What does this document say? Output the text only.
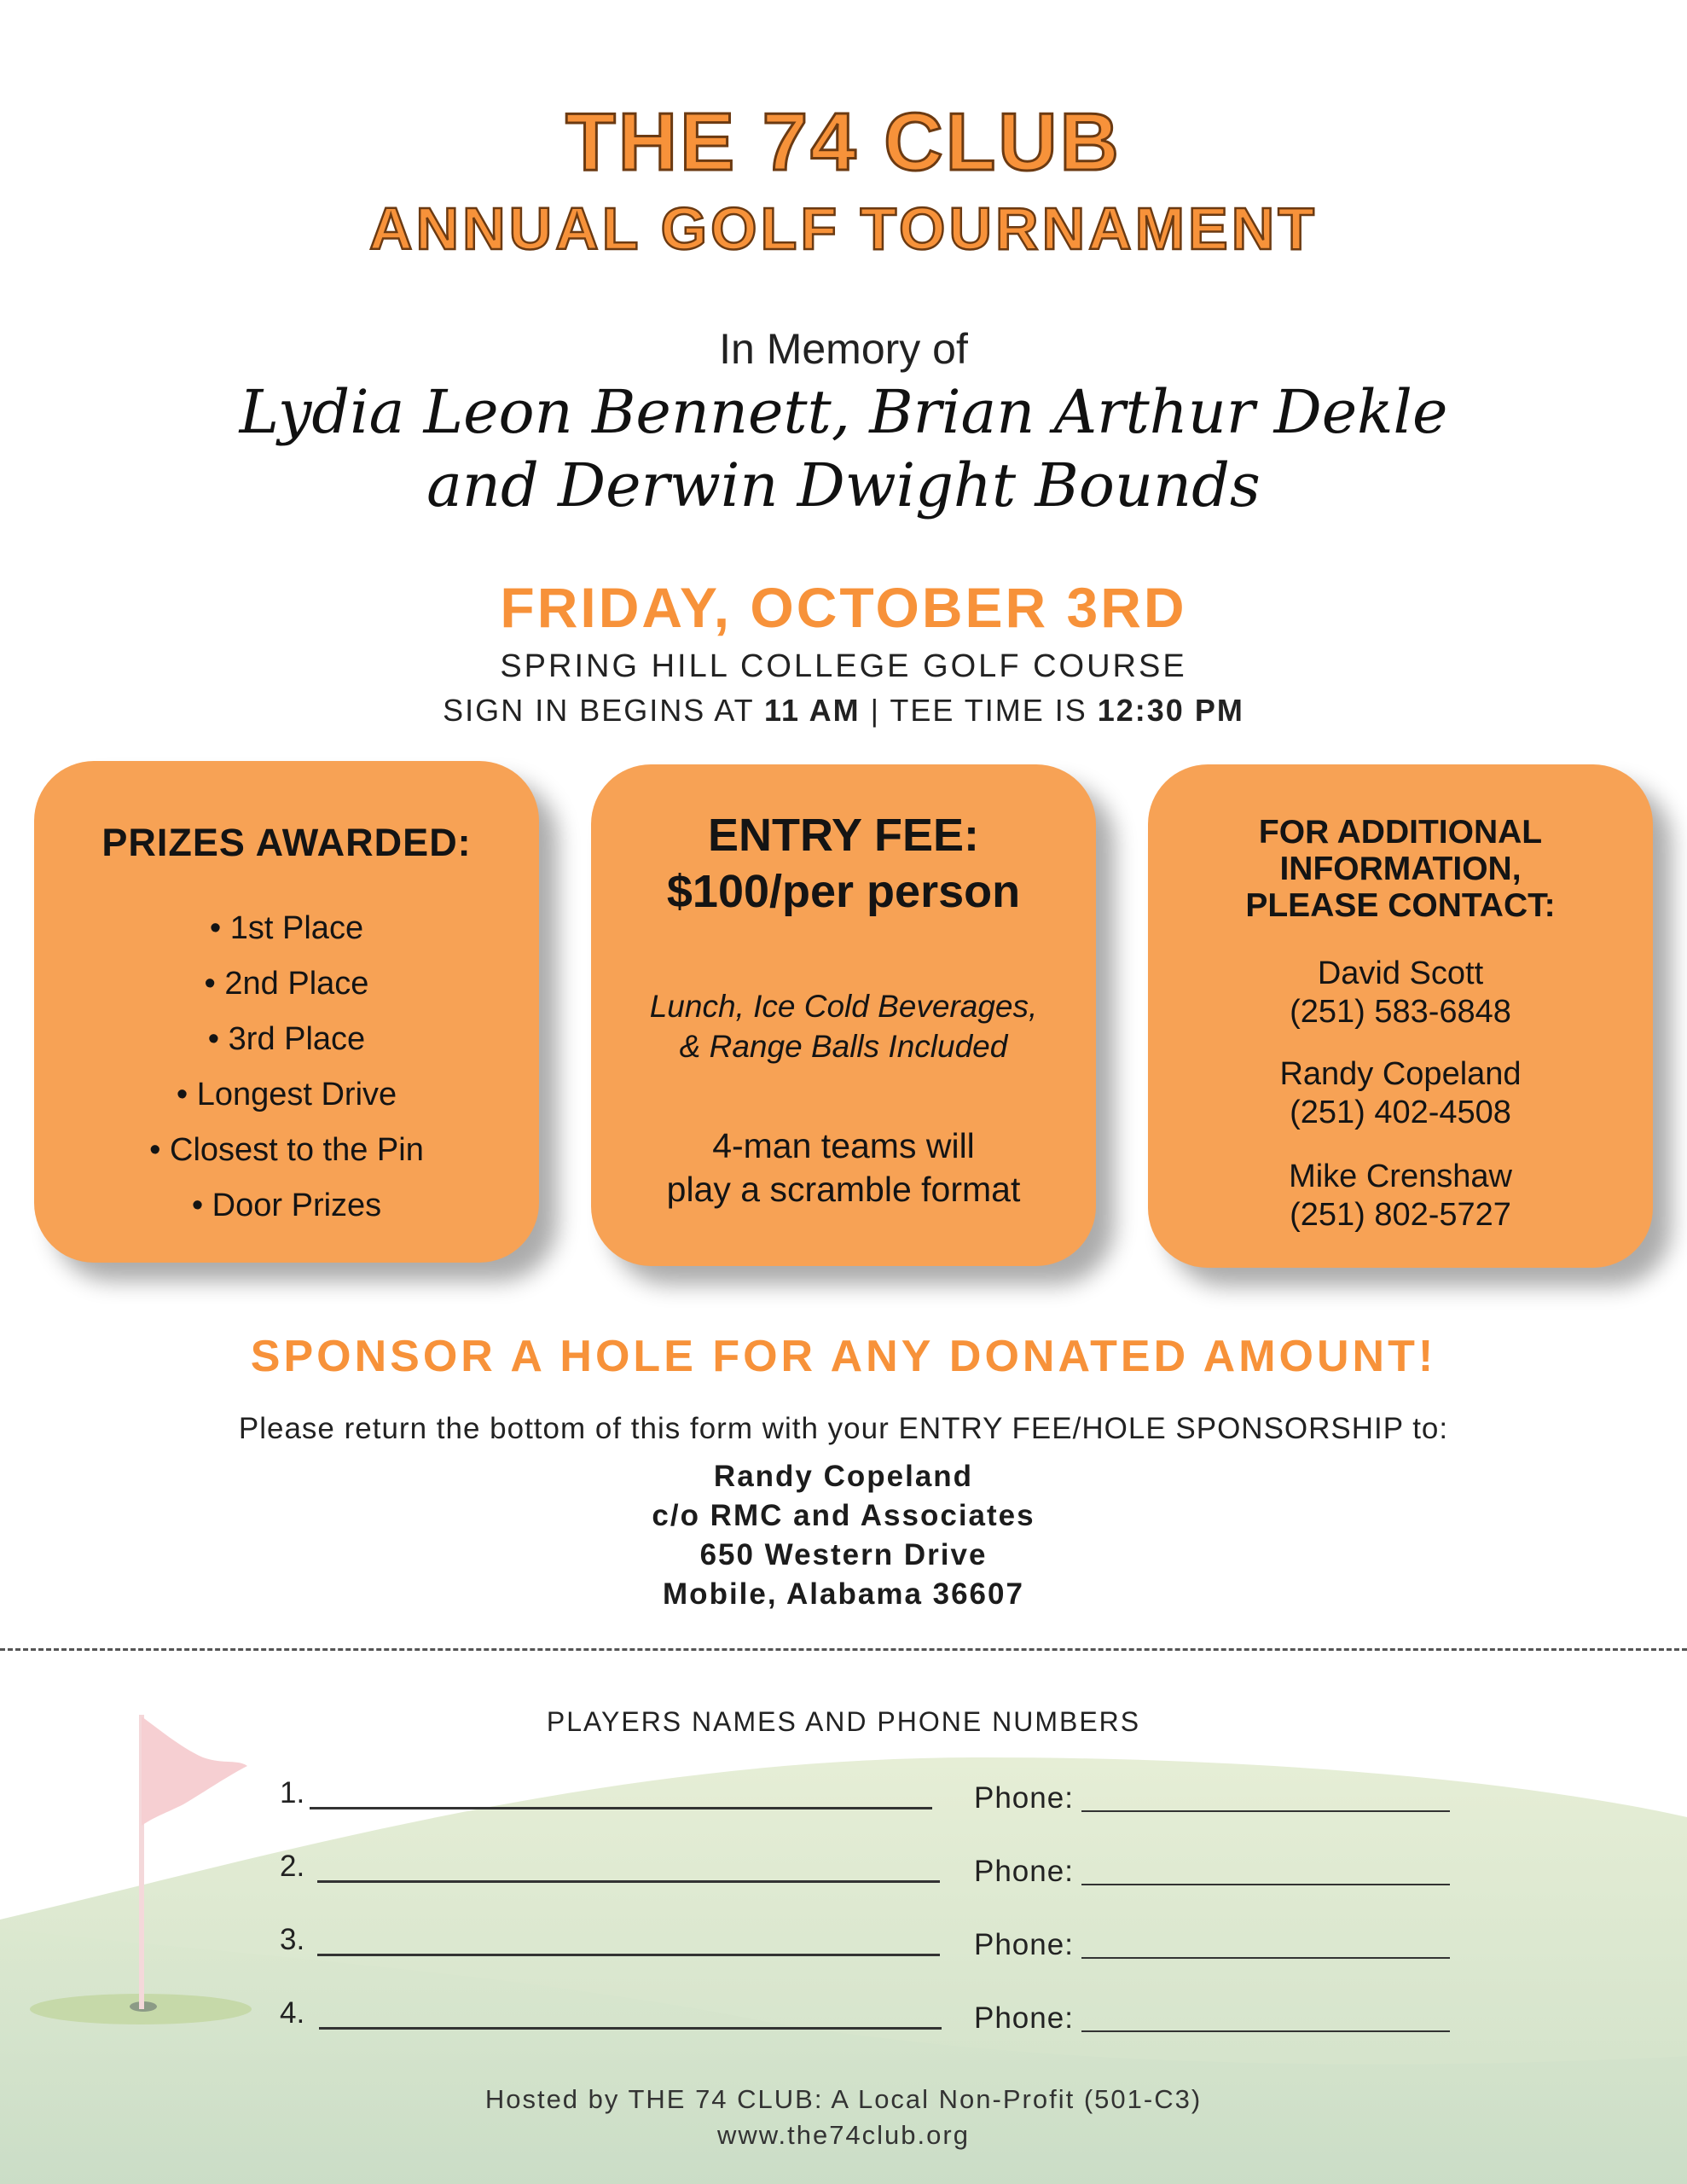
THE 74 CLUB
ANNUAL GOLF TOURNAMENT
In Memory of
Lydia Leon Bennett, Brian Arthur Dekle
and Derwin Dwight Bounds
FRIDAY, OCTOBER 3RD
SPRING HILL COLLEGE GOLF COURSE
SIGN IN BEGINS AT 11 AM | TEE TIME IS 12:30 PM
PRIZES AWARDED:
• 1st Place
• 2nd Place
• 3rd Place
• Longest Drive
• Closest to the Pin
• Door Prizes
ENTRY FEE:
$100/per person
Lunch, Ice Cold Beverages,
& Range Balls Included
4-man teams will
play a scramble format
FOR ADDITIONAL
INFORMATION,
PLEASE CONTACT:
David Scott
(251) 583-6848
Randy Copeland
(251) 402-4508
Mike Crenshaw
(251) 802-5727
SPONSOR A HOLE FOR ANY DONATED AMOUNT!
Please return the bottom of this form with your ENTRY FEE/HOLE SPONSORSHIP to:
Randy Copeland
c/o RMC and Associates
650 Western Drive
Mobile, Alabama 36607
PLAYERS NAMES AND PHONE NUMBERS
1.	Phone:
2.	Phone:
3.	Phone:
4.	Phone:
Hosted by THE 74 CLUB: A Local Non-Profit (501-C3)
www.the74club.org
